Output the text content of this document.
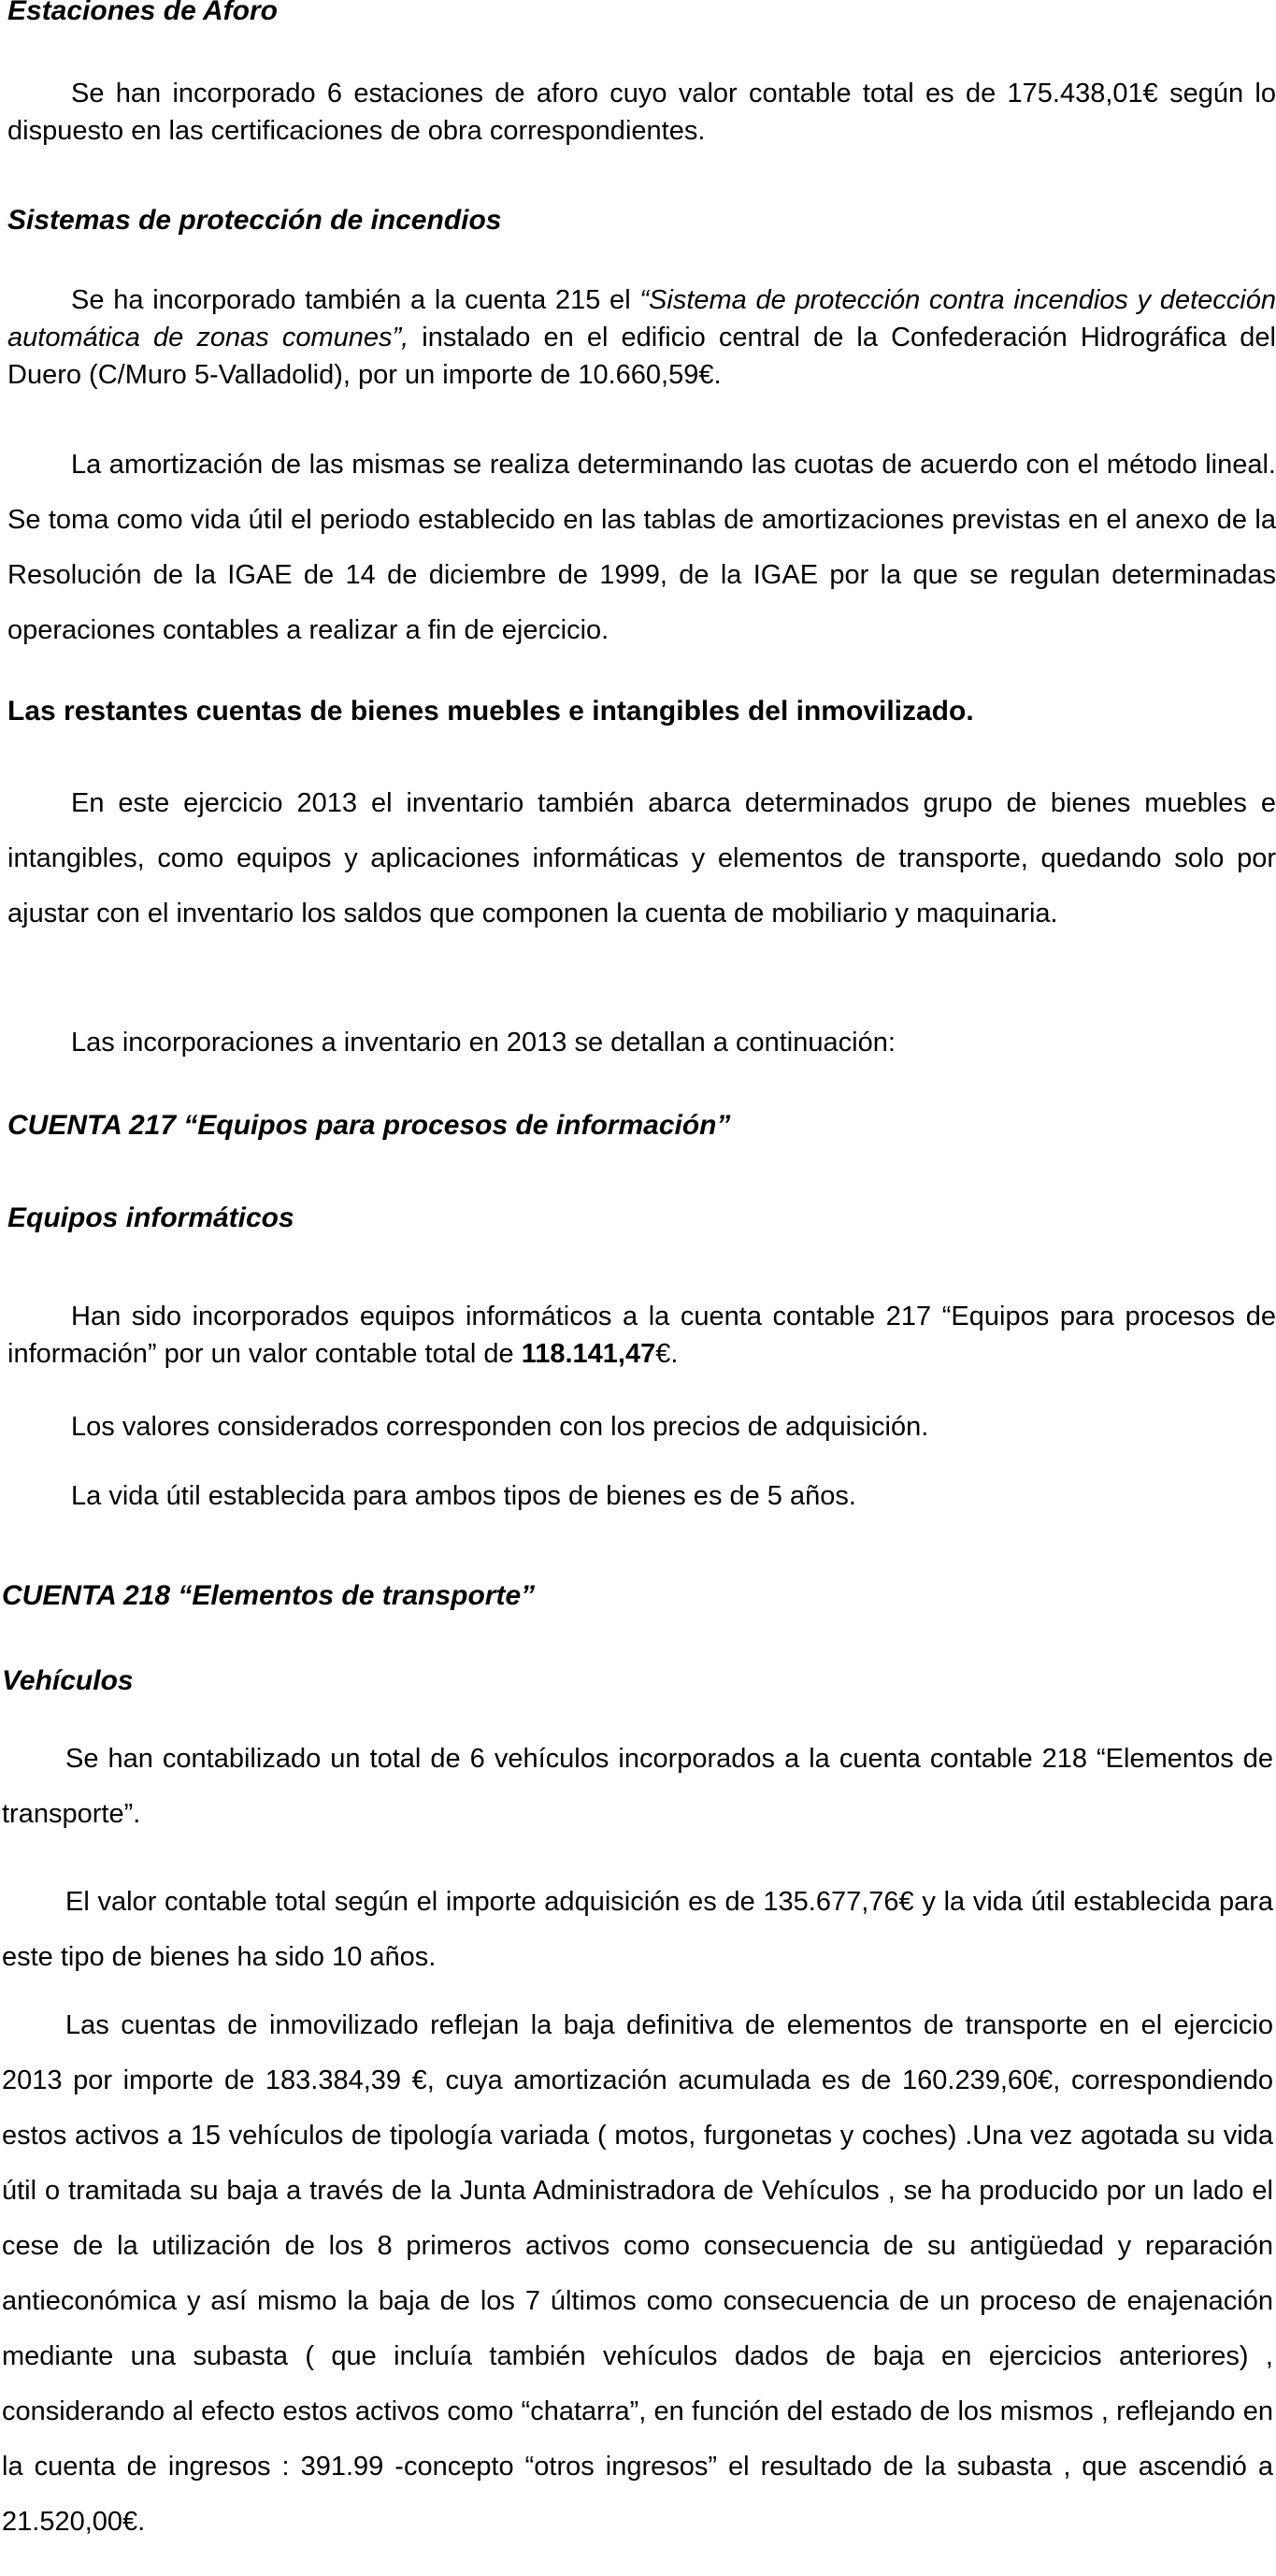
Estaciones de Aforo
Se han incorporado 6 estaciones de aforo cuyo valor contable total es de 175.438,01€ según lo dispuesto en las certificaciones de obra correspondientes.
Sistemas de protección de incendios
Se ha incorporado también a la cuenta 215 el “Sistema de protección contra incendios y detección automática de zonas comunes”, instalado en el edificio central de la Confederación Hidrográfica del Duero (C/Muro 5-Valladolid), por un importe de 10.660,59€.
La amortización de las mismas se realiza determinando las cuotas de acuerdo con el método lineal. Se toma como vida útil el periodo establecido en las tablas de amortizaciones previstas en el anexo de la Resolución de la IGAE de 14 de diciembre de 1999, de la IGAE por la que se regulan determinadas operaciones contables a realizar a fin de ejercicio.
Las restantes cuentas de bienes muebles e intangibles del inmovilizado.
En este ejercicio 2013 el inventario también abarca determinados grupo de bienes muebles e intangibles, como equipos y aplicaciones informáticas y elementos de transporte, quedando solo por ajustar con el inventario los saldos que componen la cuenta de mobiliario y maquinaria.
Las incorporaciones a inventario en 2013 se detallan a continuación:
CUENTA 217 “Equipos para procesos de información”
Equipos informáticos
Han sido incorporados equipos informáticos a la cuenta contable 217 “Equipos para procesos de información” por un valor contable total de 118.141,47€.
Los valores considerados corresponden con los precios de adquisición.
La vida útil establecida para ambos tipos de bienes es de 5 años.
CUENTA 218 “Elementos de transporte”
Vehículos
Se han contabilizado un total de 6 vehículos incorporados a la cuenta contable 218 “Elementos de transporte”.
El valor contable total según el importe adquisición es de 135.677,76€ y la vida útil establecida para este tipo de bienes ha sido 10 años.
Las cuentas de inmovilizado reflejan la baja definitiva de elementos de transporte en el ejercicio 2013 por importe de 183.384,39 €, cuya amortización acumulada es de 160.239,60€, correspondiendo estos activos a 15 vehículos de tipología variada ( motos, furgonetas y coches) .Una vez agotada su vida útil o tramitada su baja a través de la Junta Administradora de Vehículos , se ha producido por un lado el cese de la utilización de los 8 primeros activos como consecuencia de su antigüedad y reparación antieconómica y así mismo la baja de los 7 últimos como consecuencia de un proceso de enajenación mediante una subasta ( que incluía también vehículos dados de baja en ejercicios anteriores) , considerando al efecto estos activos como “chatarra”, en función del estado de los mismos , reflejando en la cuenta de ingresos : 391.99 -concepto “otros ingresos” el resultado de la subasta , que ascendió a 21.520,00€.
